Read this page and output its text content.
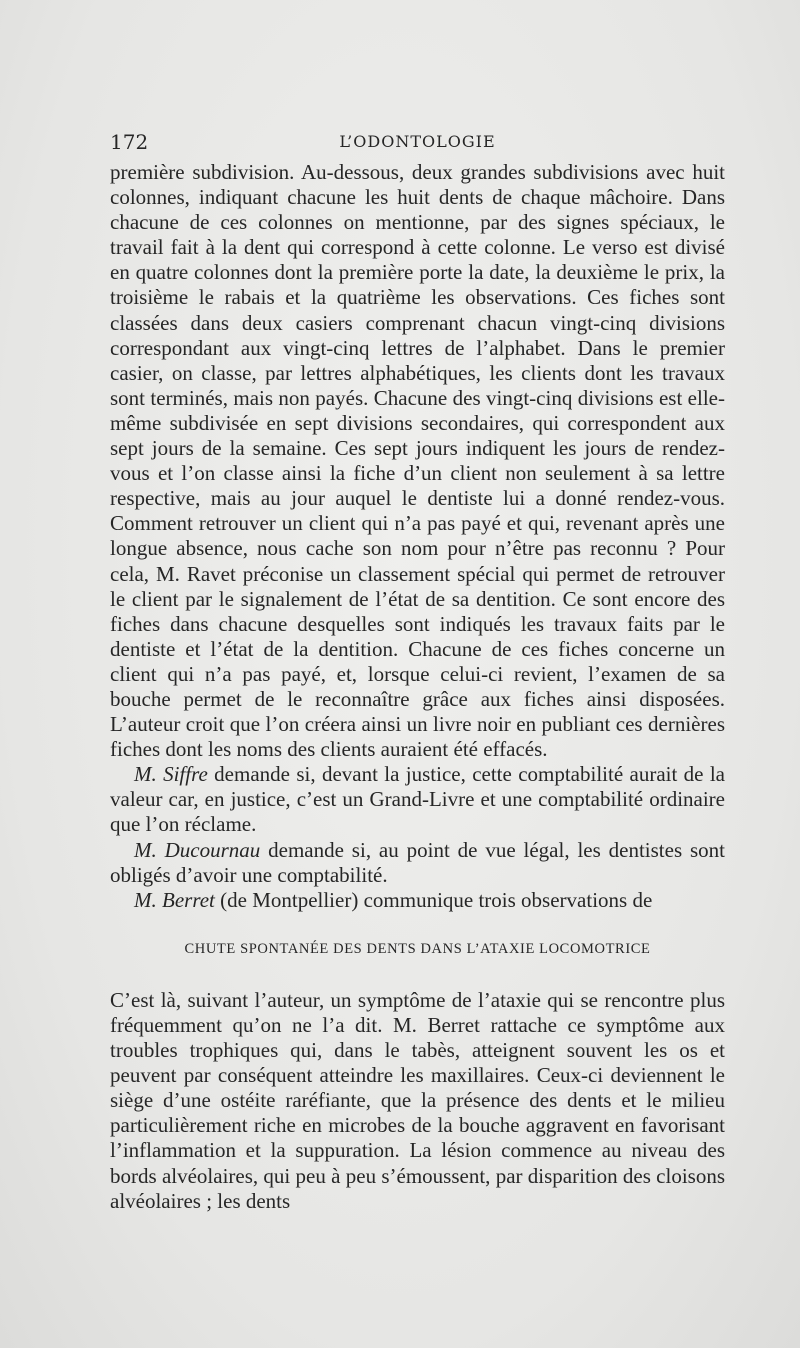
172	L’ODONTOLOGIE

première subdivision. Au-dessous, deux grandes subdivisions avec huit colonnes, indiquant chacune les huit dents de chaque mâchoire. Dans chacune de ces colonnes on mentionne, par des signes spéciaux, le travail fait à la dent qui correspond à cette colonne. Le verso est divisé en quatre colonnes dont la première porte la date, la deuxième le prix, la troisième le rabais et la quatrième les observations. Ces fiches sont classées dans deux casiers comprenant chacun vingt-cinq divisions correspondant aux vingt-cinq lettres de l’alphabet. Dans le premier casier, on classe, par lettres alphabétiques, les clients dont les travaux sont terminés, mais non payés. Chacune des vingt-cinq divisions est elle-même subdivisée en sept divisions secondaires, qui correspondent aux sept jours de la semaine. Ces sept jours indiquent les jours de rendez-vous et l’on classe ainsi la fiche d’un client non seulement à sa lettre respective, mais au jour auquel le dentiste lui a donné rendez-vous. Comment retrouver un client qui n’a pas payé et qui, revenant après une longue absence, nous cache son nom pour n’être pas reconnu ? Pour cela, M. Ravet préconise un classement spécial qui permet de retrouver le client par le signalement de l’état de sa dentition. Ce sont encore des fiches dans chacune desquelles sont indiqués les travaux faits par le dentiste et l’état de la dentition. Chacune de ces fiches concerne un client qui n’a pas payé, et, lorsque celui-ci revient, l’examen de sa bouche permet de le reconnaître grâce aux fiches ainsi disposées. L’auteur croit que l’on créera ainsi un livre noir en publiant ces dernières fiches dont les noms des clients auraient été effacés.

M. Siffre demande si, devant la justice, cette comptabilité aurait de la valeur car, en justice, c’est un Grand-Livre et une comptabilité ordinaire que l’on réclame.

M. Ducournau demande si, au point de vue légal, les dentistes sont obligés d’avoir une comptabilité.

M. Berret (de Montpellier) communique trois observations de

CHUTE SPONTANÉE DES DENTS DANS L’ATAXIE LOCOMOTRICE

C’est là, suivant l’auteur, un symptôme de l’ataxie qui se rencontre plus fréquemment qu’on ne l’a dit. M. Berret rattache ce symptôme aux troubles trophiques qui, dans le tabès, atteignent souvent les os et peuvent par conséquent atteindre les maxillaires. Ceux-ci deviennent le siège d’une ostéite raréfiante, que la présence des dents et le milieu particulièrement riche en microbes de la bouche aggravent en favorisant l’inflammation et la suppuration. La lésion commence au niveau des bords alvéolaires, qui peu à peu s’émoussent, par disparition des cloisons alvéolaires ; les dents
